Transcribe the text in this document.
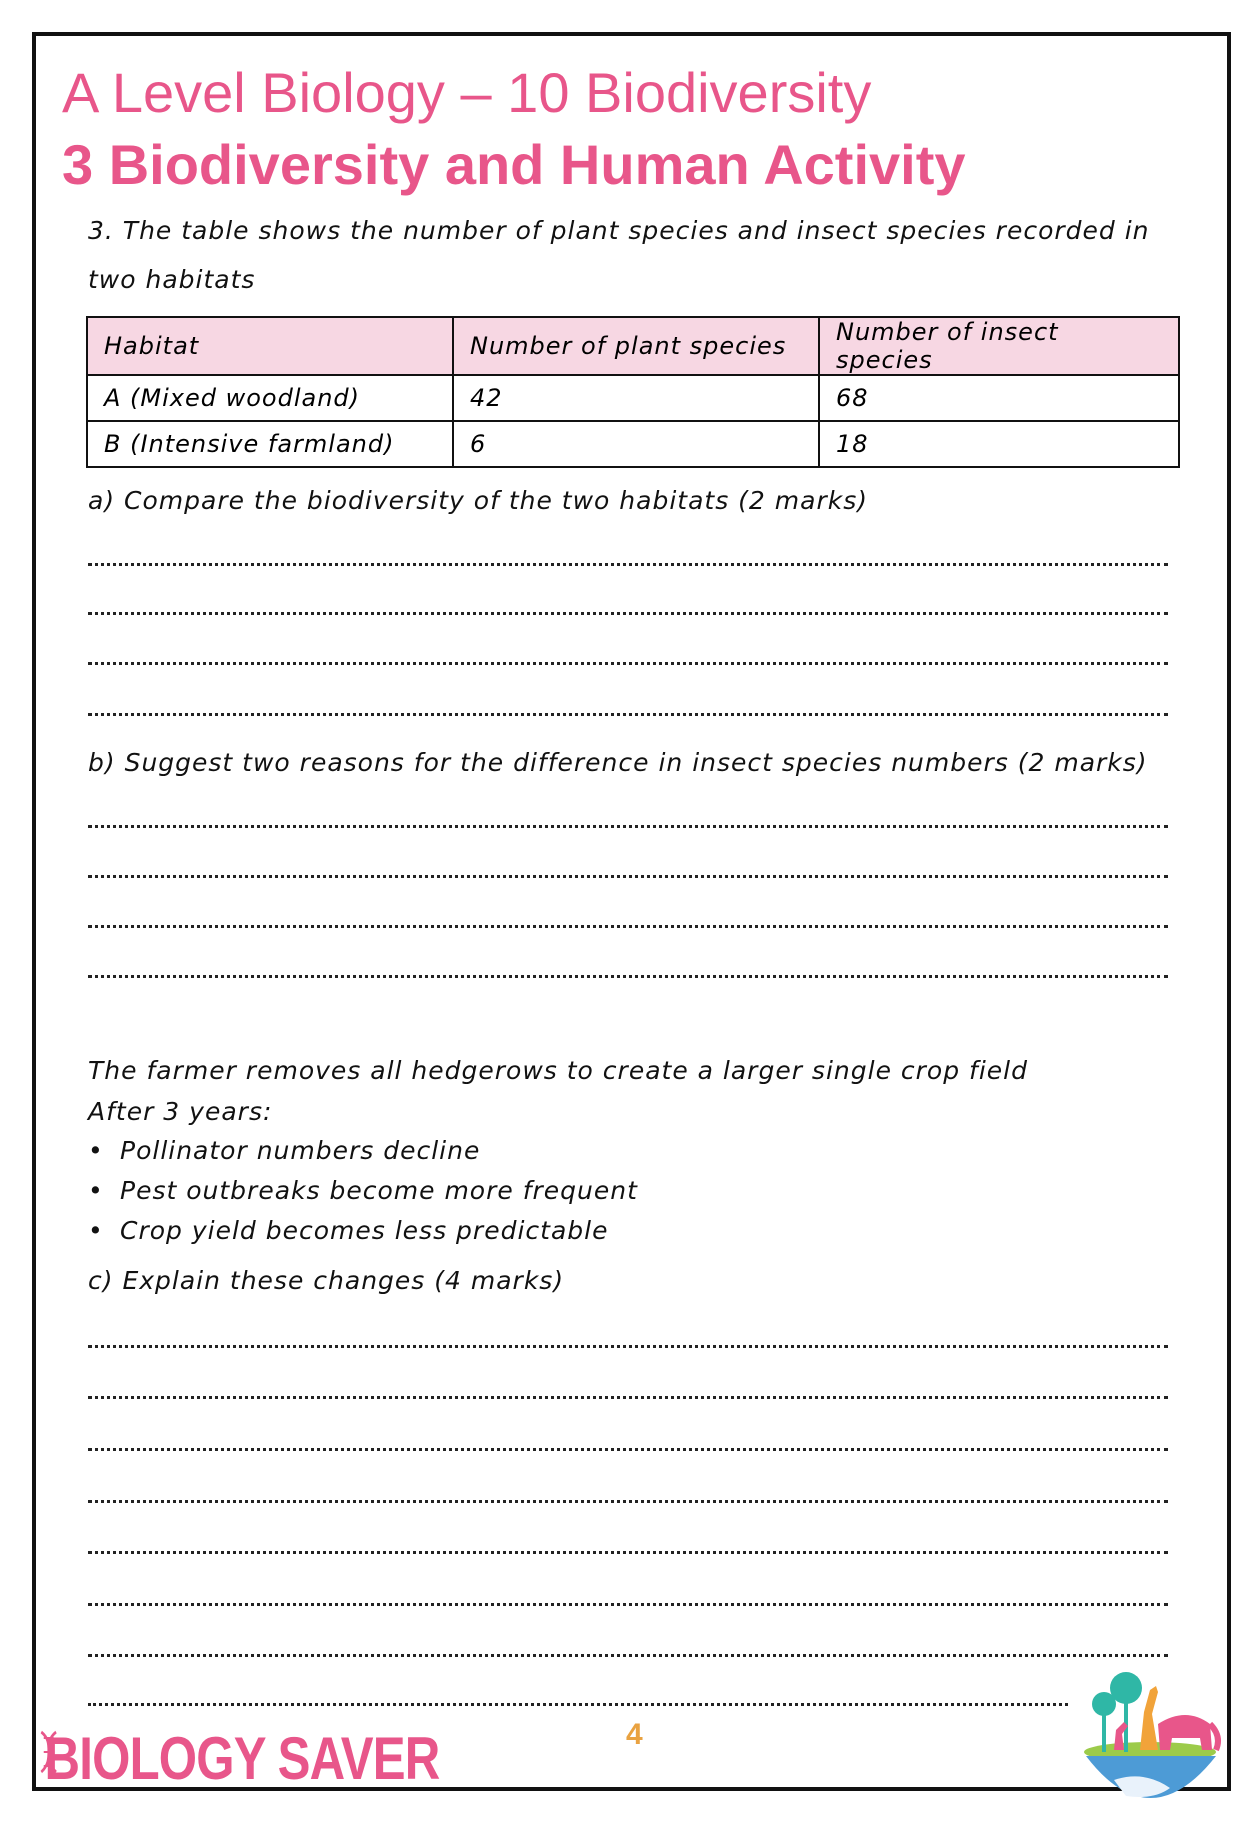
A Level Biology – 10 Biodiversity
3 Biodiversity and Human Activity
3. The table shows the number of plant species and insect species recorded in two habitats
Habitat	Number of plant species	Number of insect species
A (Mixed woodland)	42	68
B (Intensive farmland)	6	18
a) Compare the biodiversity of the two habitats (2 marks)
b) Suggest two reasons for the difference in insect species numbers (2 marks)
The farmer removes all hedgerows to create a larger single crop field
After 3 years:
• Pollinator numbers decline
• Pest outbreaks become more frequent
• Crop yield becomes less predictable
c) Explain these changes (4 marks)
4
BIOLOGY SAVER
